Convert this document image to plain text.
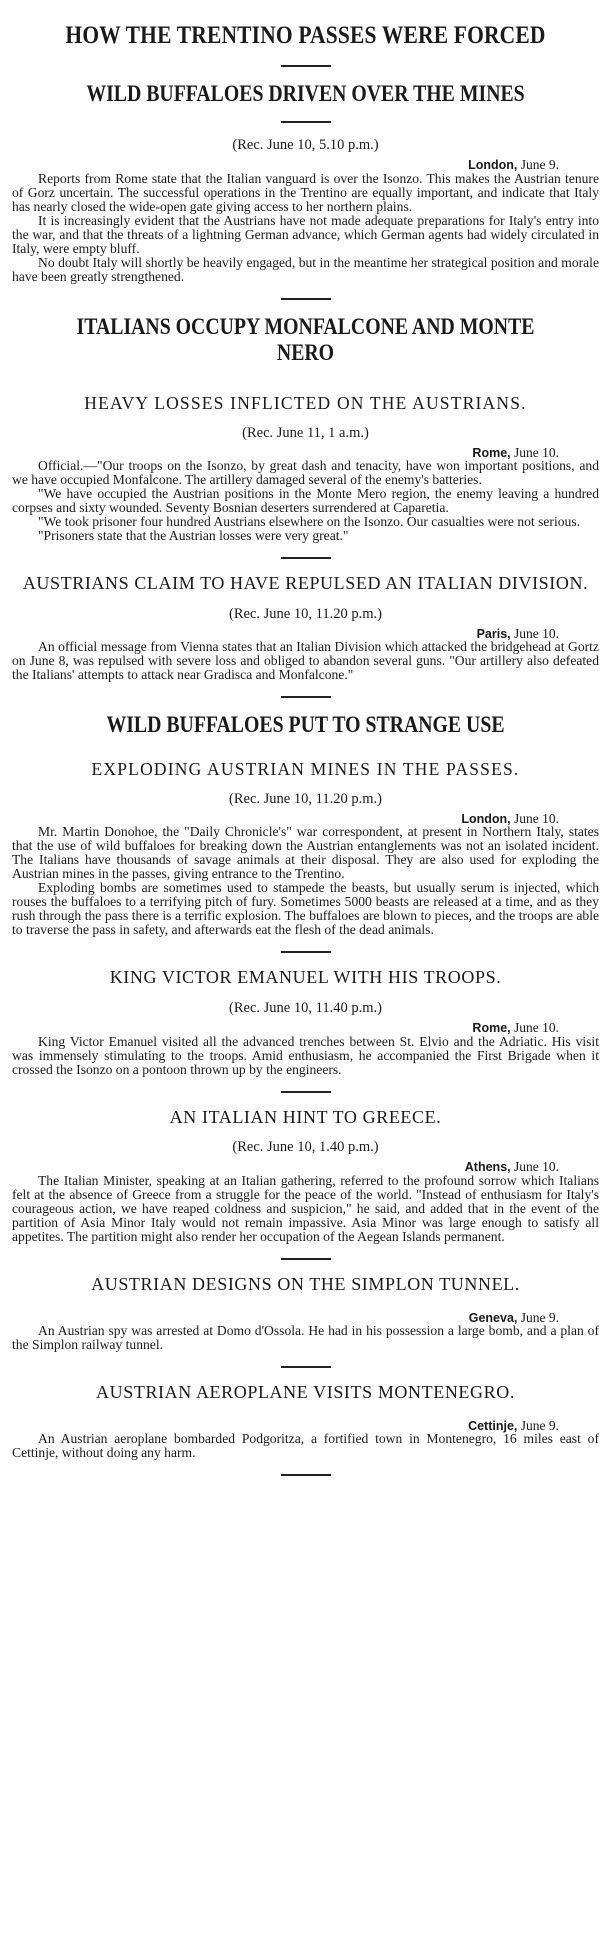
HOW THE TRENTINO PASSES WERE FORCED
WILD BUFFALOES DRIVEN OVER THE MINES
(Rec. June 10, 5.10 p.m.)
London, June 9.

Reports from Rome state that the Italian vanguard is over the Isonzo. This makes the Austrian tenure of Gorz uncertain. The successful operations in the Trentino are equally important, and indicate that Italy has nearly closed the wide-open gate giving access to her northern plains.

It is increasingly evident that the Austrians have not made adequate preparations for Italy's entry into the war, and that the threats of a lightning German advance, which German agents had widely circulated in Italy, were empty bluff.

No doubt Italy will shortly be heavily engaged, but in the meantime her strategical position and morale have been greatly strengthened.

ITALIANS OCCUPY MONFALCONE AND MONTE NERO
HEAVY LOSSES INFLICTED ON THE AUSTRIANS.
(Rec. June 11, 1 a.m.)
Rome, June 10.

Official.—"Our troops on the Isonzo, by great dash and tenacity, have won important positions, and we have occupied Monfalcone. The artillery damaged several of the enemy's batteries.

"We have occupied the Austrian positions in the Monte Mero region, the enemy leaving a hundred corpses and sixty wounded. Seventy Bosnian deserters surrendered at Caparetia.

"We took prisoner four hundred Austrians elsewhere on the Isonzo. Our casualties were not serious.

"Prisoners state that the Austrian losses were very great."

AUSTRIANS CLAIM TO HAVE REPULSED AN ITALIAN DIVISION.
(Rec. June 10, 11.20 p.m.)
Paris, June 10.

An official message from Vienna states that an Italian Division which attacked the bridgehead at Gortz on June 8, was repulsed with severe loss and obliged to abandon several guns. "Our artillery also defeated the Italians' attempts to attack near Gradisca and Monfalcone."

WILD BUFFALOES PUT TO STRANGE USE
EXPLODING AUSTRIAN MINES IN THE PASSES.
(Rec. June 10, 11.20 p.m.)
London, June 10.

Mr. Martin Donohoe, the "Daily Chronicle's" war correspondent, at present in Northern Italy, states that the use of wild buffaloes for breaking down the Austrian entanglements was not an isolated incident. The Italians have thousands of savage animals at their disposal. They are also used for exploding the Austrian mines in the passes, giving entrance to the Trentino.

Exploding bombs are sometimes used to stampede the beasts, but usually serum is injected, which rouses the buffaloes to a terrifying pitch of fury. Sometimes 5000 beasts are released at a time, and as they rush through the pass there is a terrific explosion. The buffaloes are blown to pieces, and the troops are able to traverse the pass in safety, and afterwards eat the flesh of the dead animals.

KING VICTOR EMANUEL WITH HIS TROOPS.
(Rec. June 10, 11.40 p.m.)
Rome, June 10.

King Victor Emanuel visited all the advanced trenches between St. Elvio and the Adriatic. His visit was immensely stimulating to the troops. Amid enthusiasm, he accompanied the First Brigade when it crossed the Isonzo on a pontoon thrown up by the engineers.

AN ITALIAN HINT TO GREECE.
(Rec. June 10, 1.40 p.m.)
Athens, June 10.

The Italian Minister, speaking at an Italian gathering, referred to the profound sorrow which Italians felt at the absence of Greece from a struggle for the peace of the world. "Instead of enthusiasm for Italy's courageous action, we have reaped coldness and suspicion," he said, and added that in the event of the partition of Asia Minor Italy would not remain impassive. Asia Minor was large enough to satisfy all appetites. The partition might also render her occupation of the Aegean Islands permanent.

AUSTRIAN DESIGNS ON THE SIMPLON TUNNEL.
Geneva, June 9.

An Austrian spy was arrested at Domo d'Ossola. He had in his possession a large bomb, and a plan of the Simplon railway tunnel.

AUSTRIAN AEROPLANE VISITS MONTENEGRO.
Cettinje, June 9.

An Austrian aeroplane bombarded Podgoritza, a fortified town in Montenegro, 16 miles east of Cettinje, without doing any harm.
